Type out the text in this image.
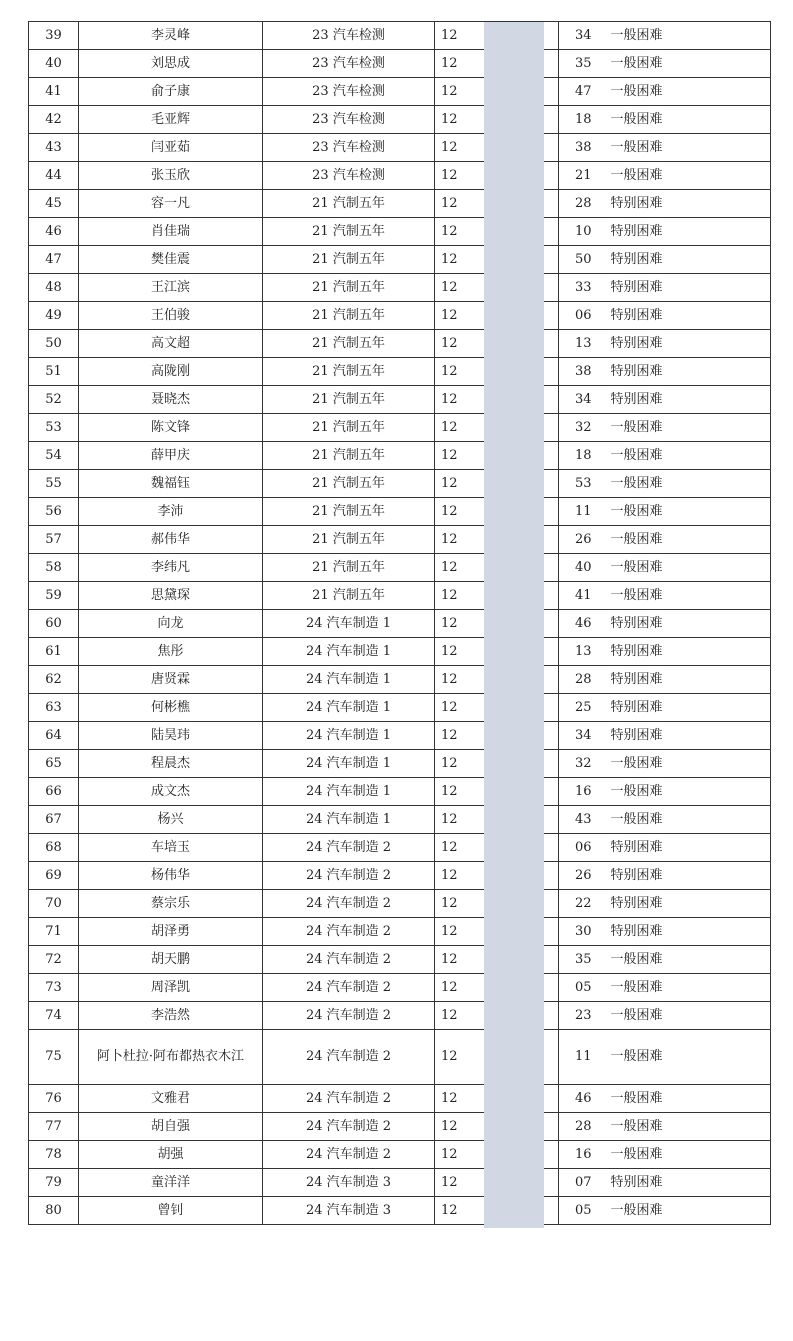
39	李灵峰	23 汽车检测	12	34 一般困难
40	刘思成	23 汽车检测	12	35 一般困难
41	俞子康	23 汽车检测	12	47 一般困难
42	毛亚辉	23 汽车检测	12	18 一般困难
43	闫亚茹	23 汽车检测	12	38 一般困难
44	张玉欣	23 汽车检测	12	21 一般困难
45	容一凡	21 汽制五年	12	28 特别困难
46	肖佳瑞	21 汽制五年	12	10 特别困难
47	樊佳震	21 汽制五年	12	50 特别困难
48	王江滨	21 汽制五年	12	33 特别困难
49	王伯骏	21 汽制五年	12	06 特别困难
50	高文超	21 汽制五年	12	13 特别困难
51	高陇刚	21 汽制五年	12	38 特别困难
52	聂晓杰	21 汽制五年	12	34 特别困难
53	陈文锋	21 汽制五年	12	32 一般困难
54	薛甲庆	21 汽制五年	12	18 一般困难
55	魏福钰	21 汽制五年	12	53 一般困难
56	李沛	21 汽制五年	12	11 一般困难
57	郝伟华	21 汽制五年	12	26 一般困难
58	李纬凡	21 汽制五年	12	40 一般困难
59	思黛琛	21 汽制五年	12	41 一般困难
60	向龙	24 汽车制造 1	12	46 特别困难
61	焦彤	24 汽车制造 1	12	13 特别困难
62	唐贤霖	24 汽车制造 1	12	28 特别困难
63	何彬樵	24 汽车制造 1	12	25 特别困难
64	陆昊玮	24 汽车制造 1	12	34 特别困难
65	程晨杰	24 汽车制造 1	12	32 一般困难
66	成文杰	24 汽车制造 1	12	16 一般困难
67	杨兴	24 汽车制造 1	12	43 一般困难
68	车培玉	24 汽车制造 2	12	06 特别困难
69	杨伟华	24 汽车制造 2	12	26 特别困难
70	蔡宗乐	24 汽车制造 2	12	22 特别困难
71	胡泽勇	24 汽车制造 2	12	30 特别困难
72	胡天鹏	24 汽车制造 2	12	35 一般困难
73	周泽凯	24 汽车制造 2	12	05 一般困难
74	李浩然	24 汽车制造 2	12	23 一般困难
75	阿卜杜拉·阿布都热衣木江	24 汽车制造 2	12	11 一般困难
76	文雅君	24 汽车制造 2	12	46 一般困难
77	胡自强	24 汽车制造 2	12	28 一般困难
78	胡强	24 汽车制造 2	12	16 一般困难
79	童洋洋	24 汽车制造 3	12	07 特别困难
80	曾钊	24 汽车制造 3	12	05 一般困难
